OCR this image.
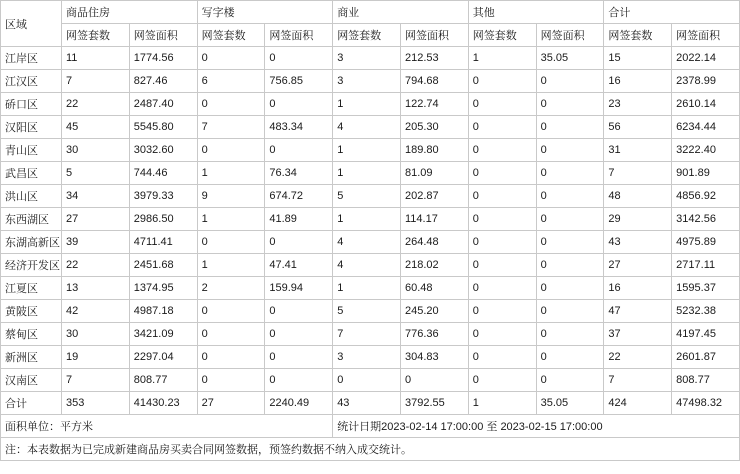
区域	商品住房		写字楼		商业		其他		合计	
	网签套数	网签面积	网签套数	网签面积	网签套数	网签面积	网签套数	网签面积	网签套数	网签面积
江岸区	11	1774.56	0	0	3	212.53	1	35.05	15	2022.14
江汉区	7	827.46	6	756.85	3	794.68	0	0	16	2378.99
硚口区	22	2487.40	0	0	1	122.74	0	0	23	2610.14
汉阳区	45	5545.80	7	483.34	4	205.30	0	0	56	6234.44
青山区	30	3032.60	0	0	1	189.80	0	0	31	3222.40
武昌区	5	744.46	1	76.34	1	81.09	0	0	7	901.89
洪山区	34	3979.33	9	674.72	5	202.87	0	0	48	4856.92
东西湖区	27	2986.50	1	41.89	1	114.17	0	0	29	3142.56
东湖高新区	39	4711.41	0	0	4	264.48	0	0	43	4975.89
经济开发区	22	2451.68	1	47.41	4	218.02	0	0	27	2717.11
江夏区	13	1374.95	2	159.94	1	60.48	0	0	16	1595.37
黄陂区	42	4987.18	0	0	5	245.20	0	0	47	5232.38
蔡甸区	30	3421.09	0	0	7	776.36	0	0	37	4197.45
新洲区	19	2297.04	0	0	3	304.83	0	0	22	2601.87
汉南区	7	808.77	0	0	0	0	0	0	7	808.77
合计	353	41430.23	27	2240.49	43	3792.55	1	35.05	424	47498.32
面积单位：平方米					统计日期2023-02-14 17:00:00 至 2023-02-15 17:00:00					
注：本表数据为已完成新建商品房买卖合同网签数据，预签约数据不纳入成交统计。										
